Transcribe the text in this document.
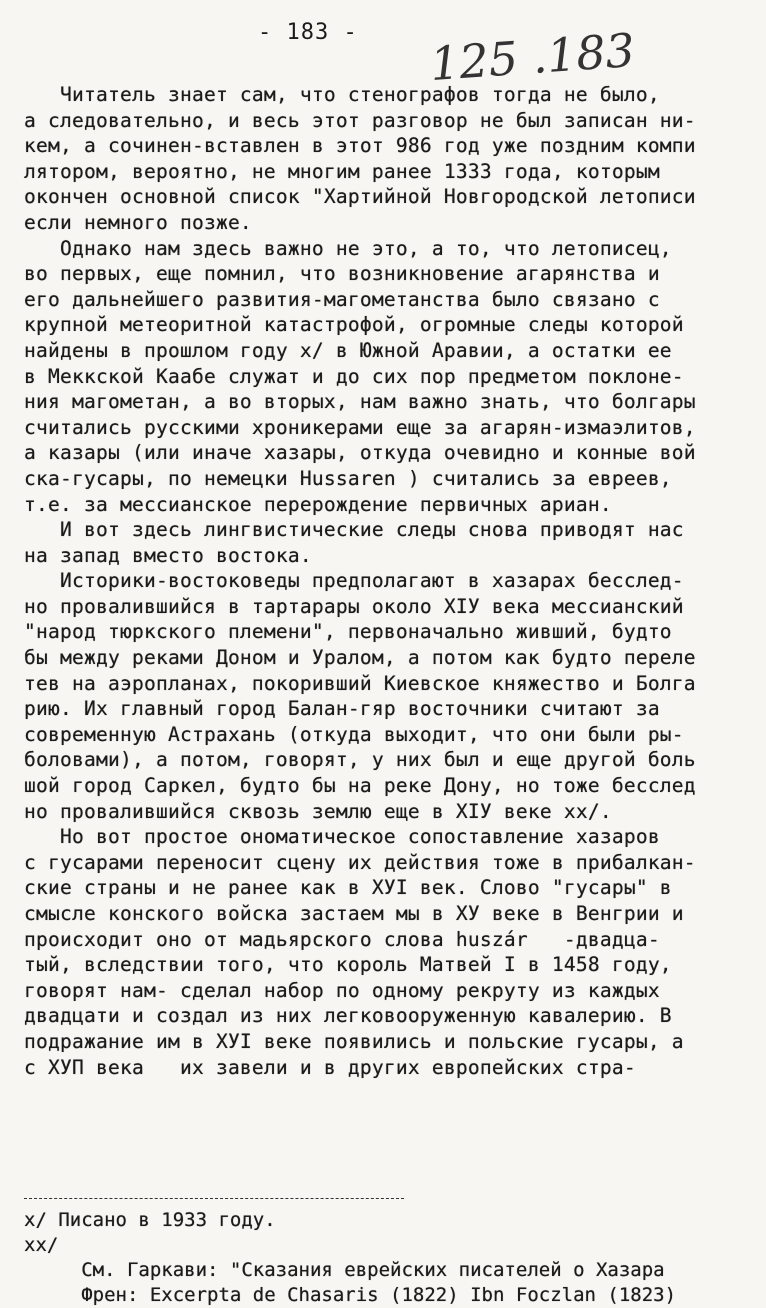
- 183 - 125 .183
Читатель знает сам, что стенографов тогда не было,
а следовательно, и весь этот разговор не был записан ни-
кем, а сочинен-вставлен в этот 986 год уже поздним компи
лятором, вероятно, не многим ранее 1333 года, которым
окончен основной список "Хартийной Новгородской летописи
если немного позже.
Однако нам здесь важно не это, а то, что летописец,
во первых, еще помнил, что возникновение агарянства и
его дальнейшего развития-магометанства было связано с
крупной метеоритной катастрофой, огромные следы которой
найдены в прошлом году х/ в Южной Аравии, а остатки ее
в Меккской Каабе служат и до сих пор предметом поклоне-
ния магометан, а во вторых, нам важно знать, что болгары
считались русскими хроникерами еще за агарян-измаэлитов,
а казары (или иначе хазары, откуда очевидно и конные вой
ска-гусары, по немецки Hussaren ) считались за евреев,
т.е. за мессианское перерождение первичных ариан.
И вот здесь лингвистические следы снова приводят нас
на запад вместо востока.
Историки-востоковеды предполагают в хазарах бесслед-
но провалившийся в тартарары около ХІУ века мессианский
"народ тюркского племени", первоначально живший, будто
бы между реками Доном и Уралом, а потом как будто переле
тев на аэропланах, покоривший Киевское княжество и Болга
рию. Их главный город Балан-гяр восточники считают за
современную Астрахань (откуда выходит, что они были ры-
боловами), а потом, говорят, у них был и еще другой боль
шой город Саркел, будто бы на реке Дону, но тоже бесслед
но провалившийся сквозь землю еще в ХІУ веке хх/.
Но вот простое ономатическое сопоставление хазаров
с гусарами переносит сцену их действия тоже в прибалкан-
ские страны и не ранее как в ХУІ век. Слово "гусары" в
смысле конского войска застаем мы в ХУ веке в Венгрии и
происходит оно от мадьярского слова huszár   -двадца-
тый, вследствии того, что король Матвей I в 1458 году,
говорят нам- сделал набор по одному рекруту из каждых
двадцати и создал из них легковооруженную кавалерию. В
подражание им в ХУІ веке появились и польские гусары, а
с ХУП века   их завели и в других европейских стра-
х/ Писано в 1933 году.
хх/
См. Гаркави: "Сказания еврейских писателей о Хазара
Френ: Excerpta de Chasaris (1822) Ibn Foczlan (1823)
